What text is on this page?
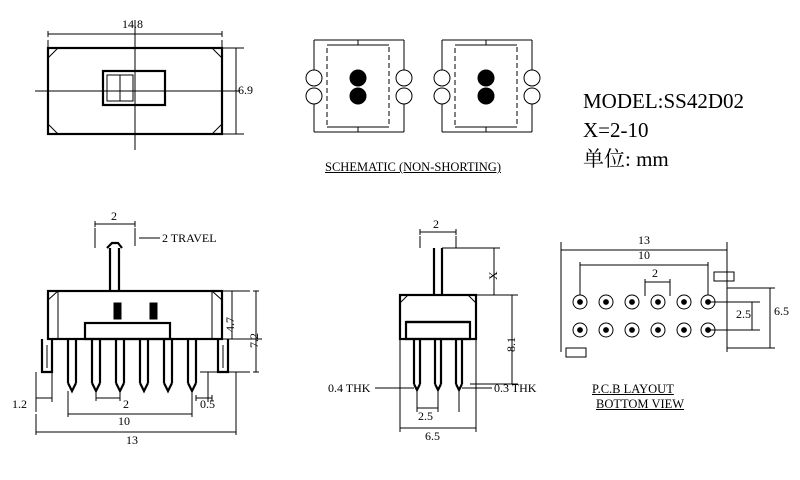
14.8
6.9
SCHEMATIC (NON-SHORTING)
MODEL:SS42D02
X=2-10
单位: mm
2
2 TRAVEL
4.7
7.2
1.2	2	0.5
10
13
2
X
8.1
0.4 THK	0.3 THK
2.5
6.5
13
10
2
2.5 6.5
P.C.B LAYOUT
BOTTOM VIEW
